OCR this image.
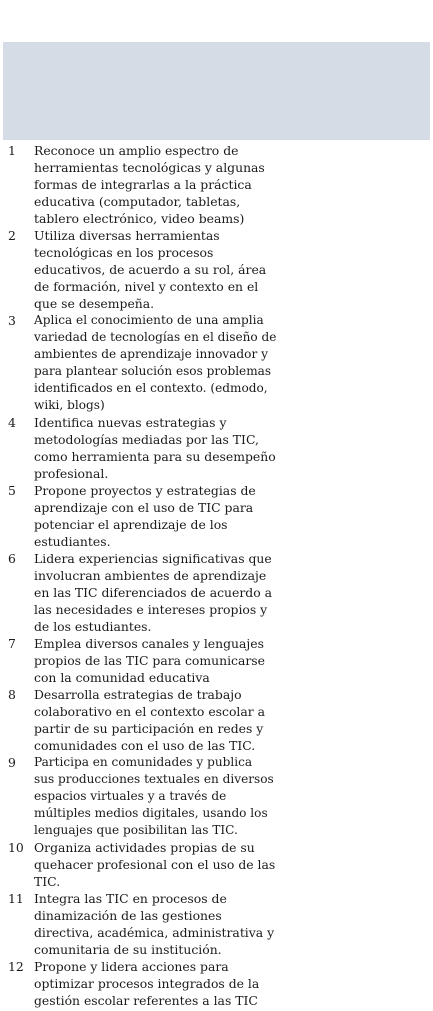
1	Reconoce un amplio espectro de
herramientas tecnológicas y algunas
formas de integrarlas a la práctica
educativa (computador, tabletas,
tablero electrónico, video beams)
2	Utiliza diversas herramientas
tecnológicas en los procesos
educativos, de acuerdo a su rol, área
de formación, nivel y contexto en el
que se desempeña.
3	Aplica el conocimiento de una amplia
variedad de tecnologías en el diseño de
ambientes de aprendizaje innovador y
para plantear solución esos problemas
identificados en el contexto. (edmodo,
wiki, blogs)
4	Identifica nuevas estrategias y
metodologías mediadas por las TIC,
como herramienta para su desempeño
profesional.
5	Propone proyectos y estrategias de
aprendizaje con el uso de TIC para
potenciar el aprendizaje de los
estudiantes.
6	Lidera experiencias significativas que
involucran ambientes de aprendizaje
en las TIC diferenciados de acuerdo a
las necesidades e intereses propios y
de los estudiantes.
7	Emplea diversos canales y lenguajes
propios de las TIC para comunicarse
con la comunidad educativa
8	Desarrolla estrategias de trabajo
colaborativo en el contexto escolar a
partir de su participación en redes y
comunidades con el uso de las TIC.
9	Participa en comunidades y publica
sus producciones textuales en diversos
espacios virtuales y a través de
múltiples medios digitales, usando los
lenguajes que posibilitan las TIC.
10 Organiza actividades propias de su
quehacer profesional con el uso de las
TIC.
11 Integra las TIC en procesos de
dinamización de las gestiones
directiva, académica, administrativa y
comunitaria de su institución.
12 Propone y lidera acciones para
optimizar procesos integrados de la
gestión escolar referentes a las TIC
